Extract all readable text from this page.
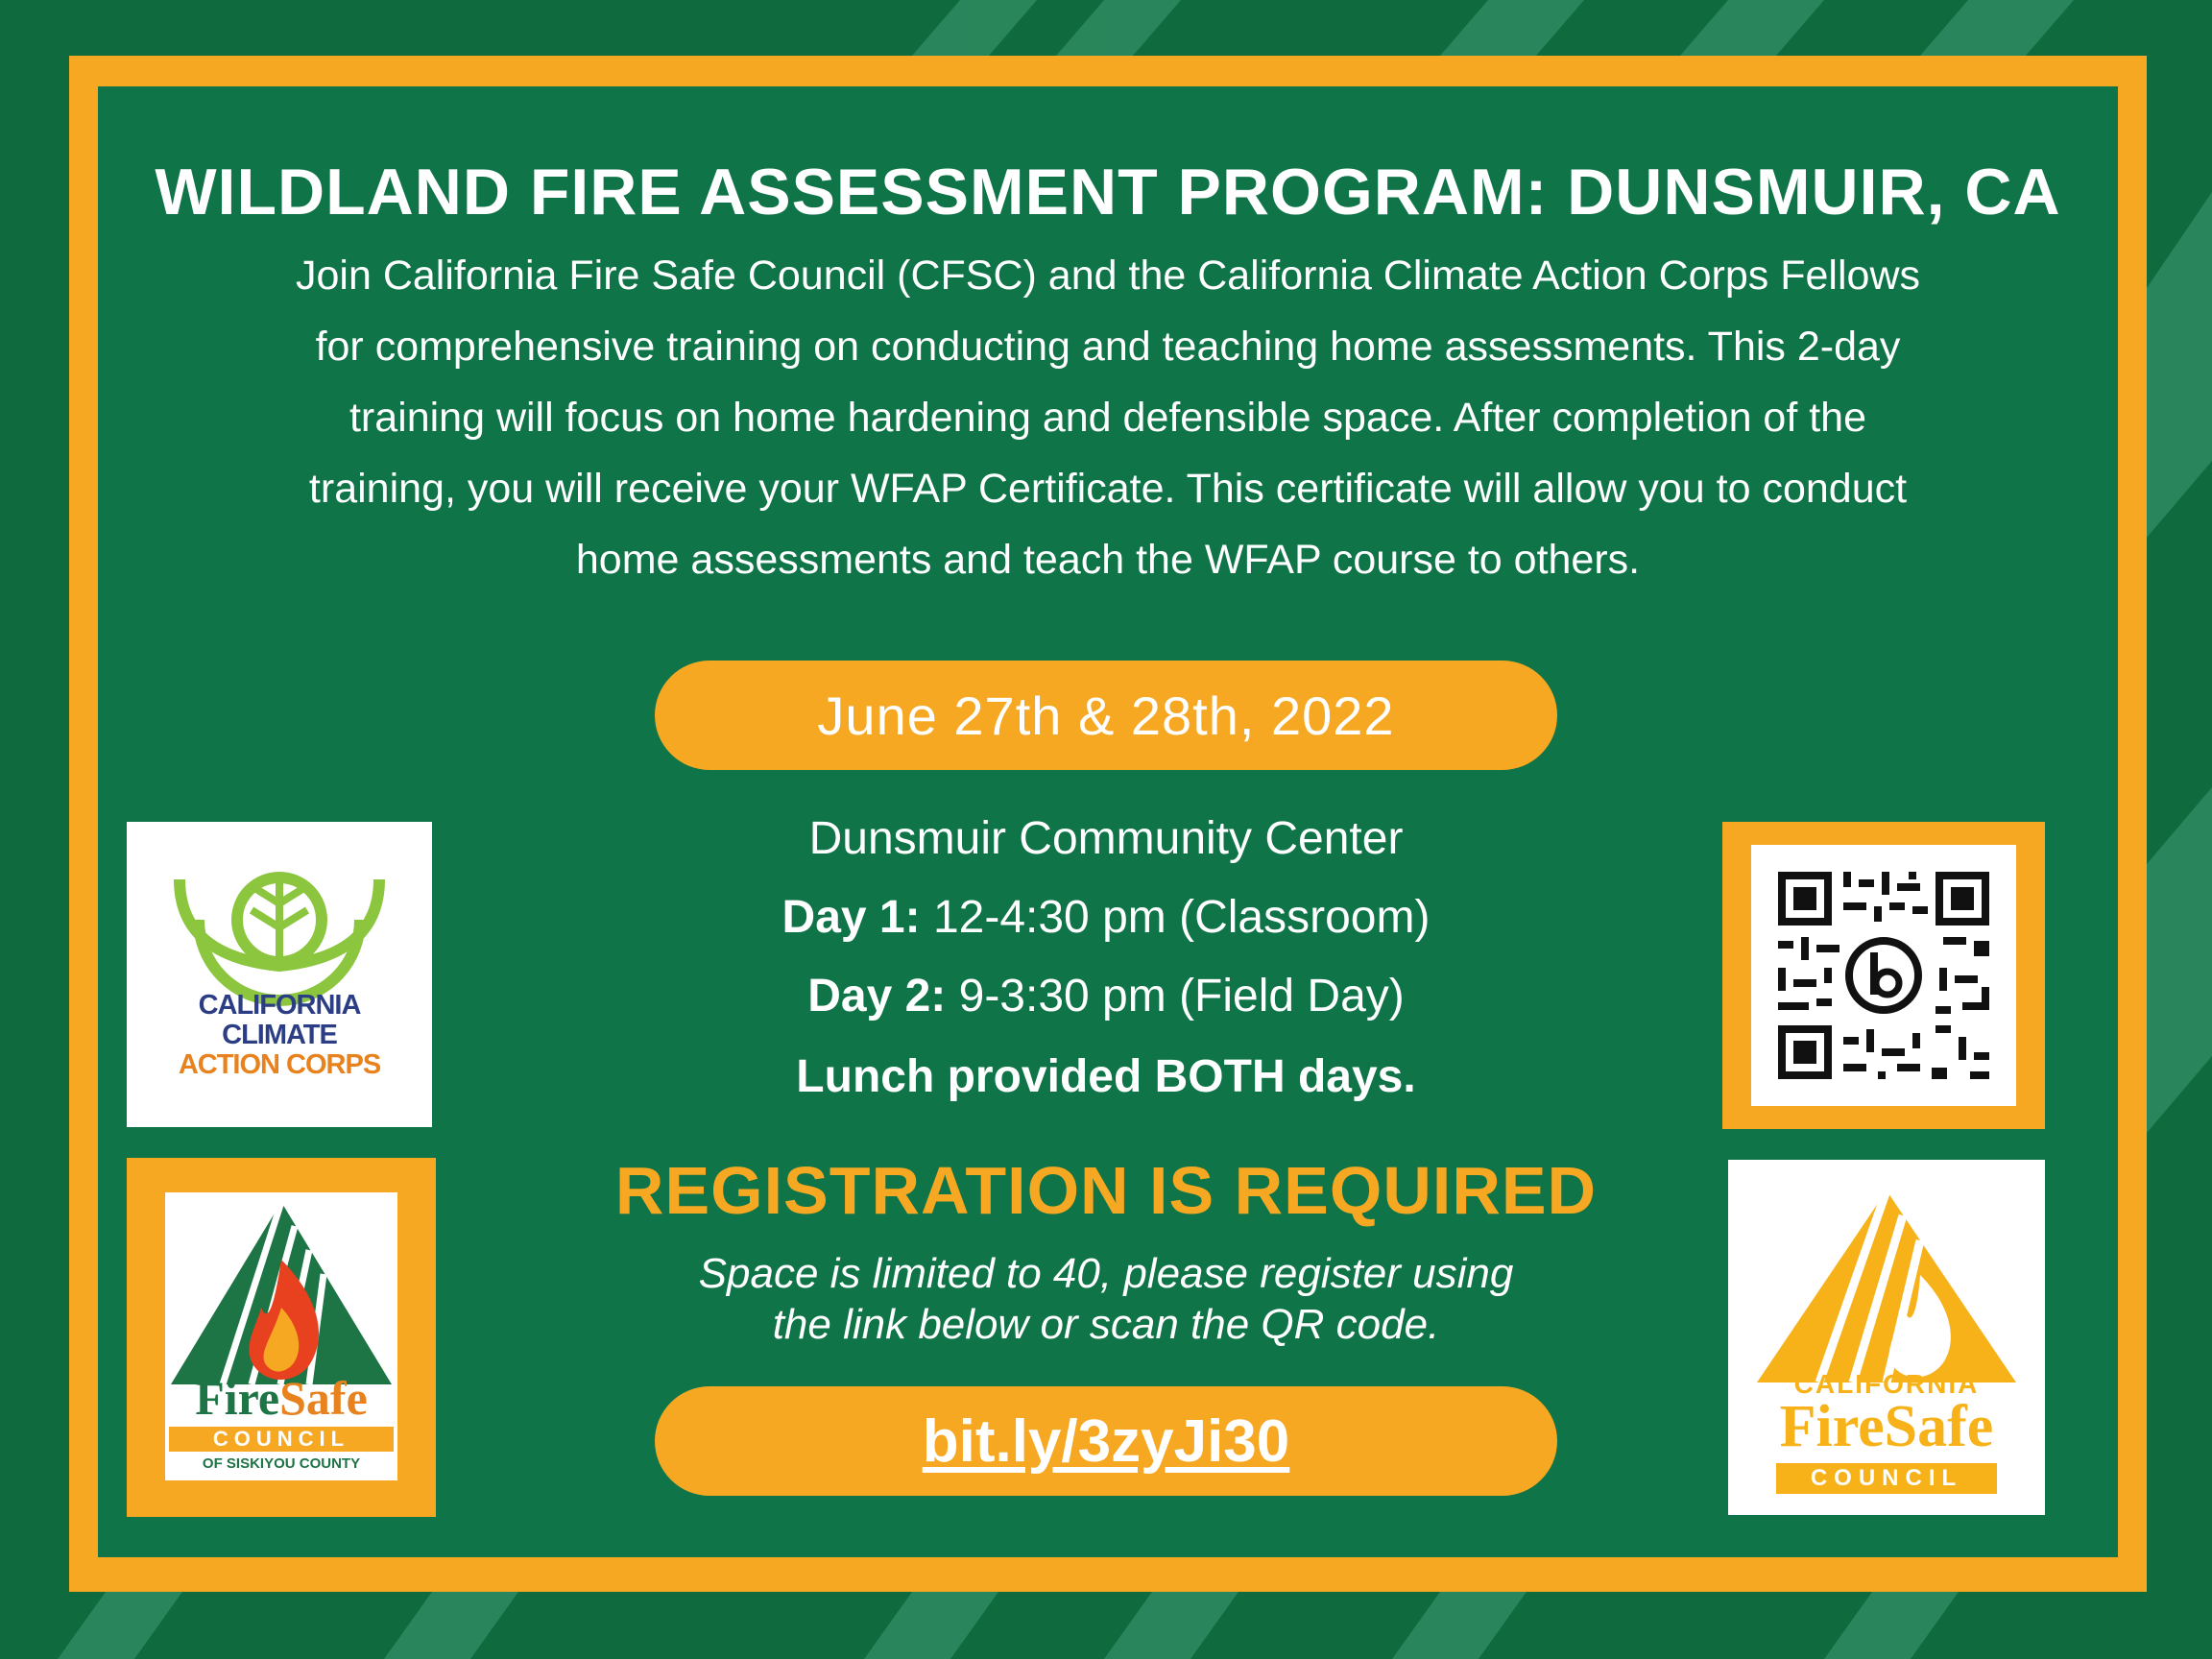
WILDLAND FIRE ASSESSMENT PROGRAM: DUNSMUIR, CA
Join California Fire Safe Council (CFSC) and the California Climate Action Corps Fellows
for comprehensive training on conducting and teaching home assessments. This 2-day
training will focus on home hardening and defensible space. After completion of the
training, you will receive your WFAP Certificate. This certificate will allow you to conduct
home assessments and teach the WFAP course to others.
June 27th & 28th, 2022
Dunsmuir Community Center
Day 1: 12-4:30 pm (Classroom)
Day 2: 9-3:30 pm (Field Day)
Lunch provided BOTH days.
REGISTRATION IS REQUIRED
Space is limited to 40, please register using
the link below or scan the QR code.
bit.ly/3zyJi30
CALIFORNIA
CLIMATE
ACTION CORPS
FireSafe
COUNCIL
OF SISKIYOU COUNTY
CALIFORNIA
FireSafe
COUNCIL
